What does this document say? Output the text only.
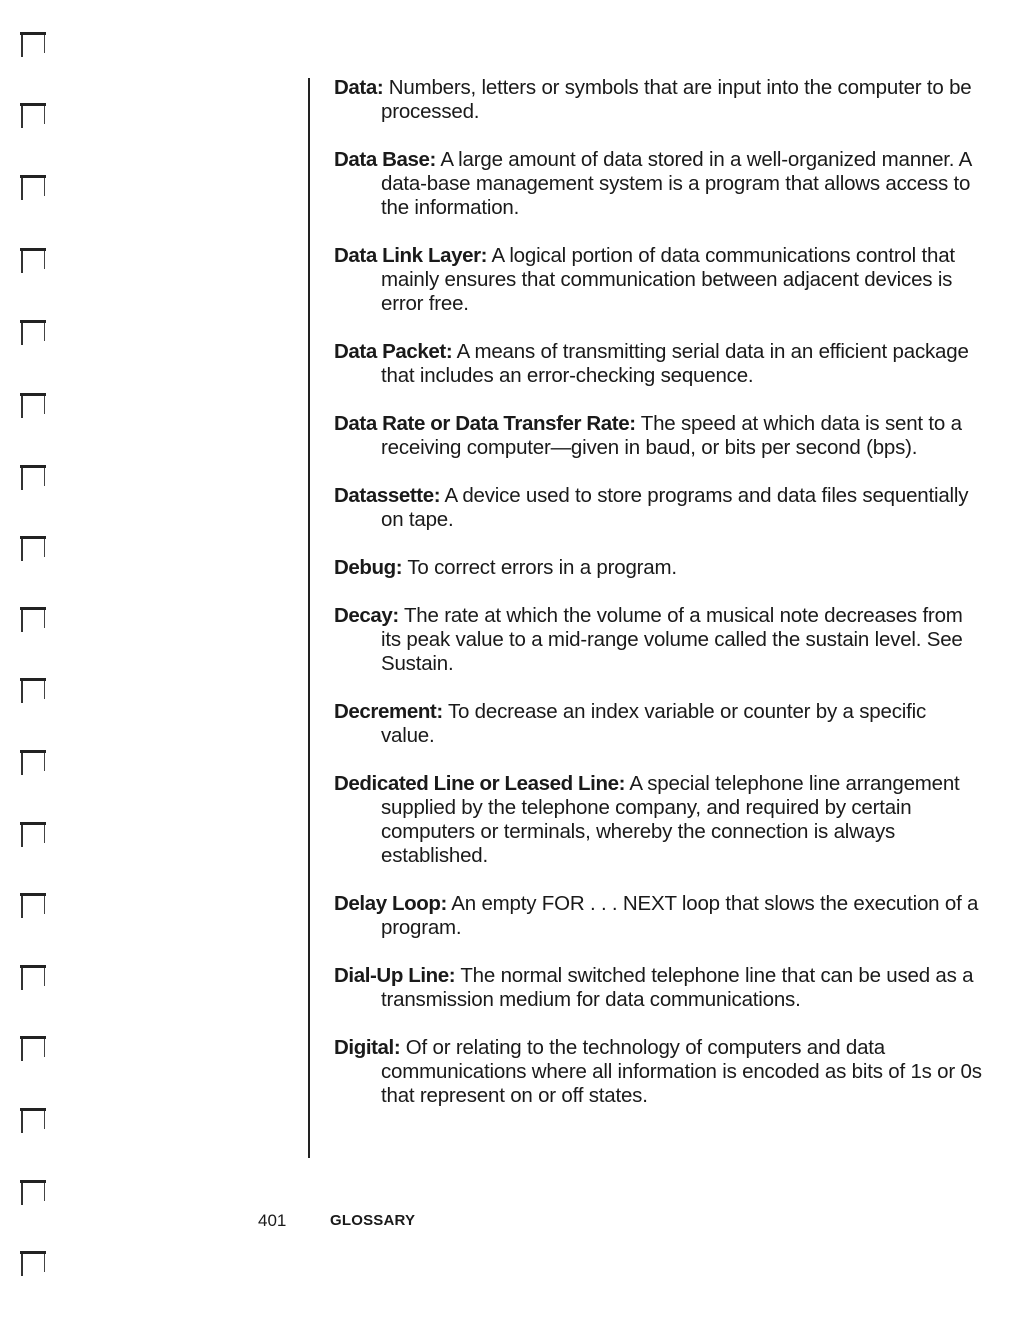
Data: Numbers, letters or symbols that are input into the computer to be processed.

Data Base: A large amount of data stored in a well-organized manner. A data-base management system is a program that allows access to the information.

Data Link Layer: A logical portion of data communications control that mainly ensures that communication between adjacent devices is error free.

Data Packet: A means of transmitting serial data in an efficient package that includes an error-checking sequence.

Data Rate or Data Transfer Rate: The speed at which data is sent to a receiving computer—given in baud, or bits per second (bps).

Datassette: A device used to store programs and data files sequentially on tape.

Debug: To correct errors in a program.

Decay: The rate at which the volume of a musical note decreases from its peak value to a mid-range volume called the sustain level. See Sustain.

Decrement: To decrease an index variable or counter by a specific value.

Dedicated Line or Leased Line: A special telephone line arrangement supplied by the telephone company, and required by certain computers or terminals, whereby the connection is always established.

Delay Loop: An empty FOR . . . NEXT loop that slows the execution of a program.

Dial-Up Line: The normal switched telephone line that can be used as a transmission medium for data communications.

Digital: Of or relating to the technology of computers and data communications where all information is encoded as bits of 1s or 0s that represent on or off states.

401	GLOSSARY
